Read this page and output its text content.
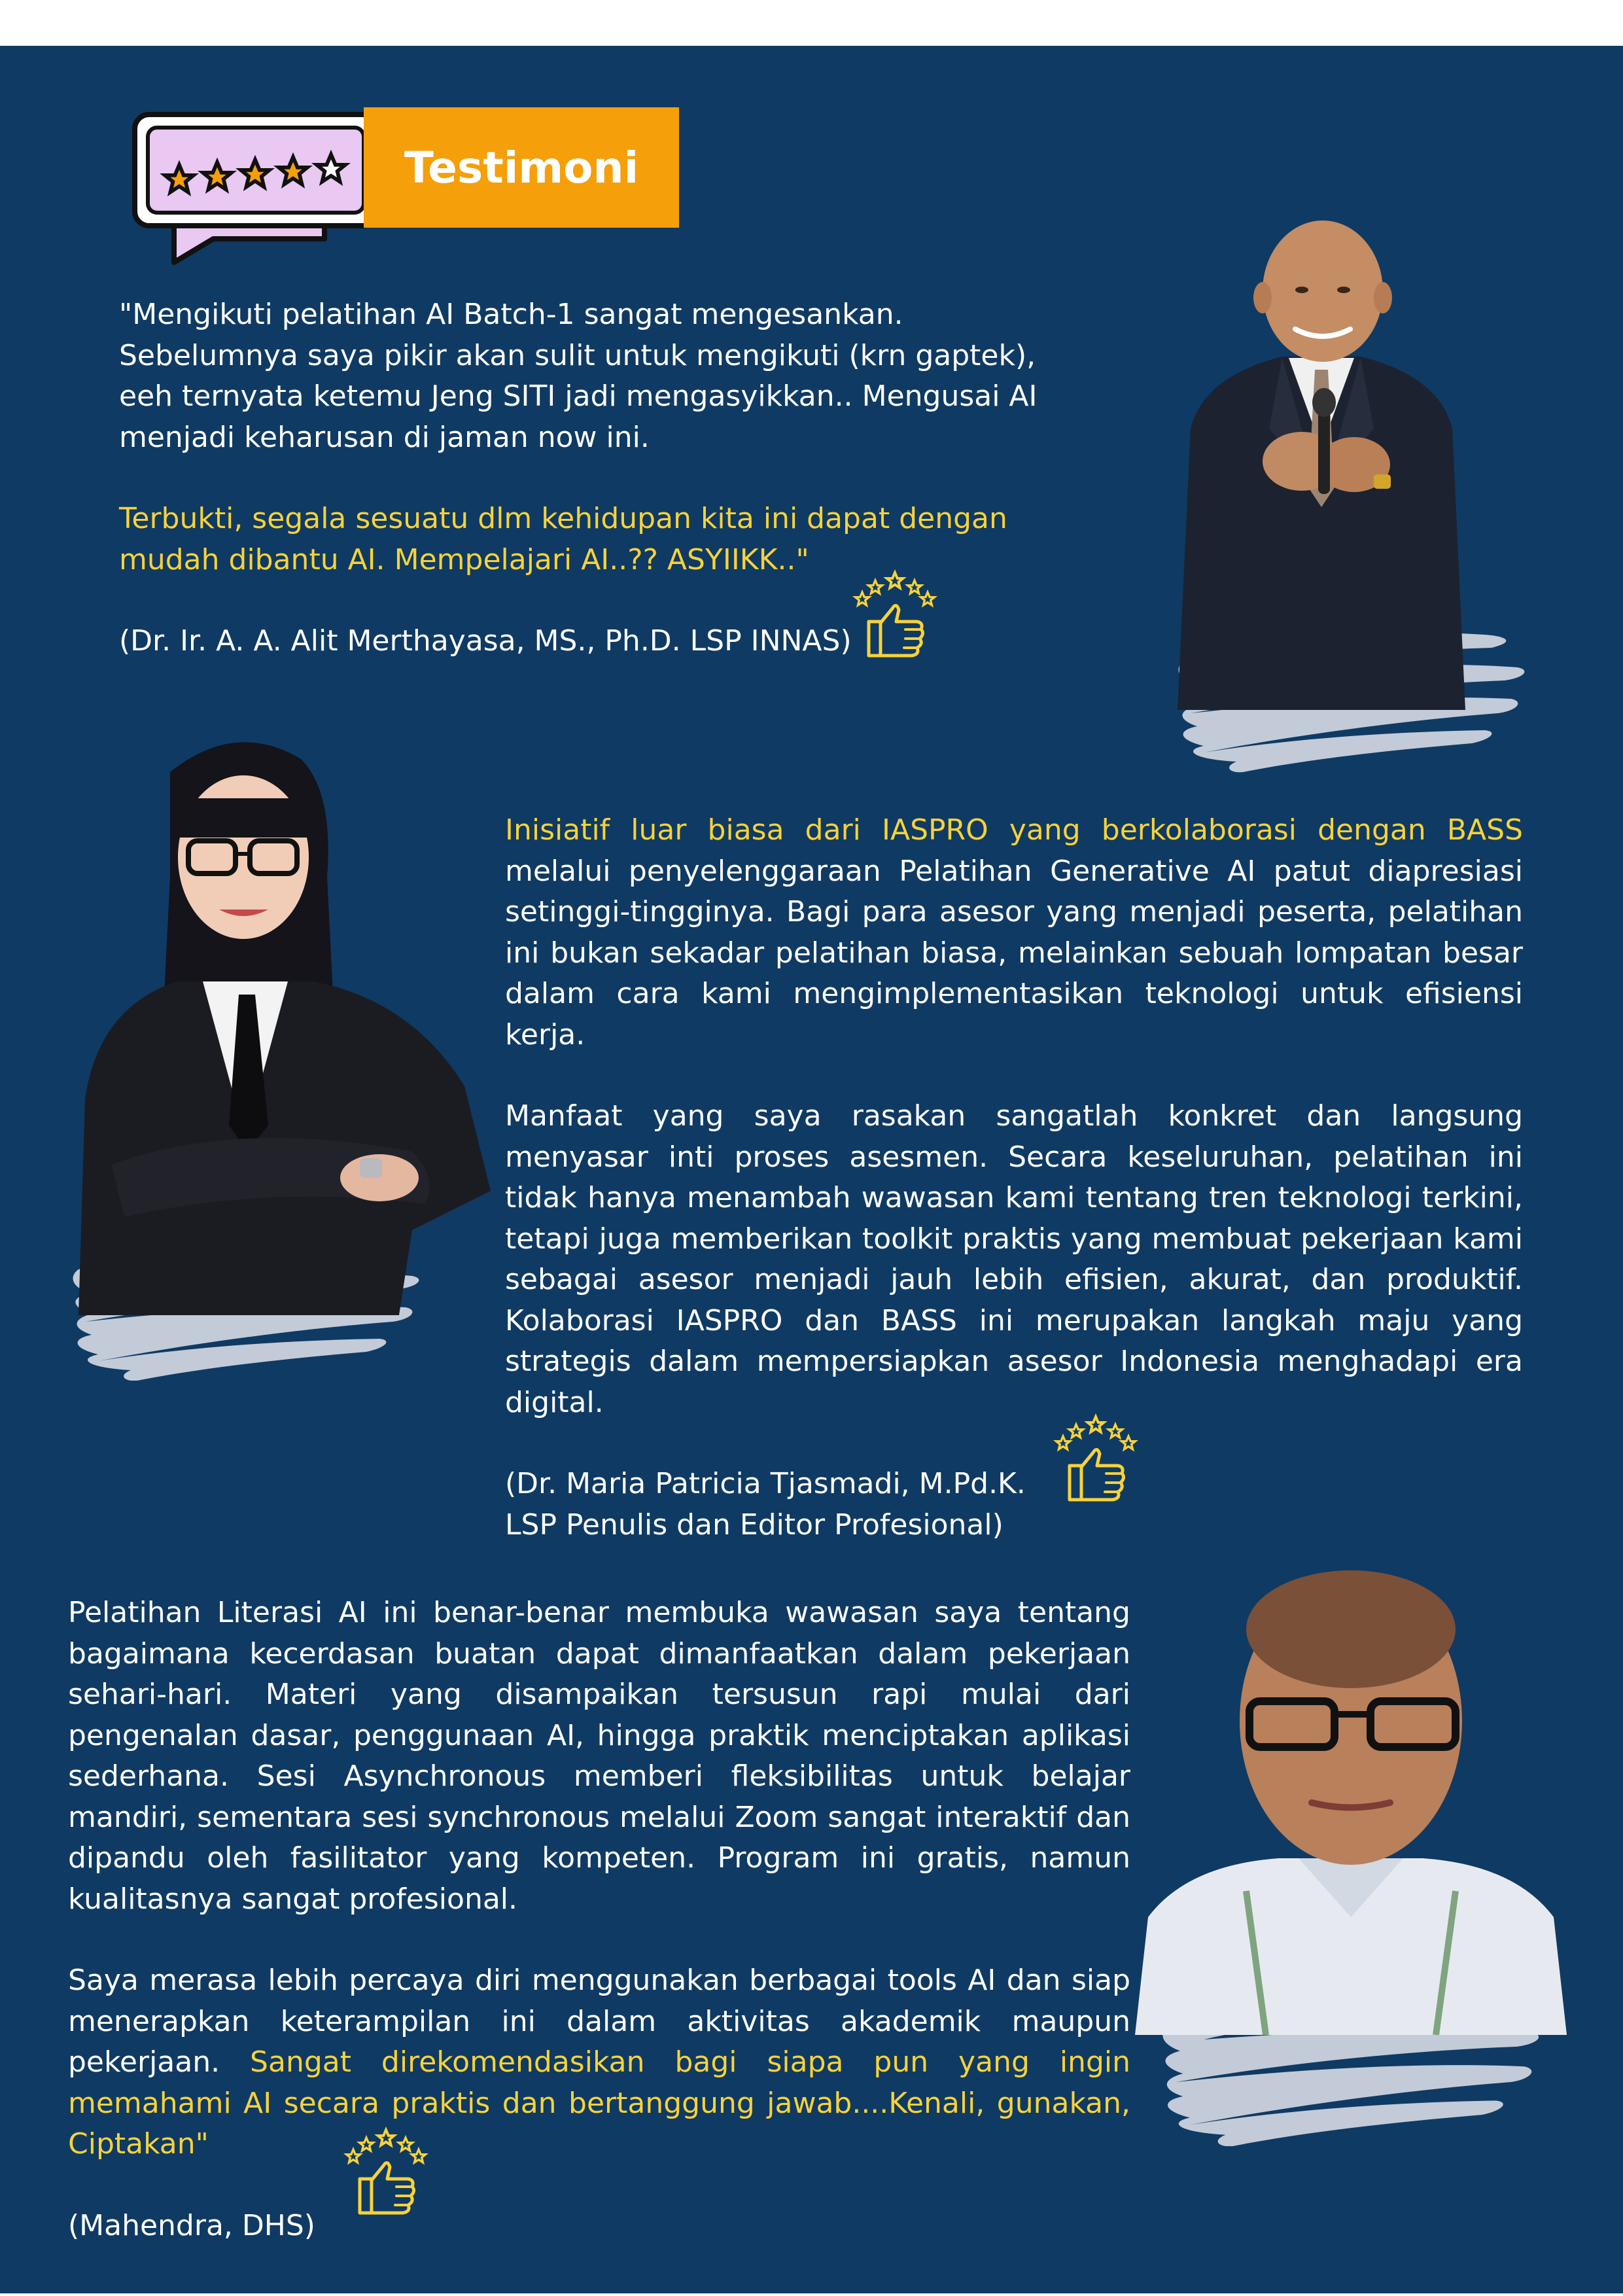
Testimoni

"Mengikuti pelatihan AI Batch-1 sangat mengesankan. Sebelumnya saya pikir akan sulit untuk mengikuti (krn gaptek), eeh ternyata ketemu Jeng SITI jadi mengasyikkan.. Mengusai AI menjadi keharusan di jaman now ini.

Terbukti, segala sesuatu dlm kehidupan kita ini dapat dengan mudah dibantu AI. Mempelajari AI..?? ASYIIKK.."

(Dr. Ir. A. A. Alit Merthayasa, MS., Ph.D. LSP INNAS)

Inisiatif luar biasa dari IASPRO yang berkolaborasi dengan BASS melalui penyelenggaraan Pelatihan Generative AI patut diapresiasi setinggi-tingginya. Bagi para asesor yang menjadi peserta, pelatihan ini bukan sekadar pelatihan biasa, melainkan sebuah lompatan besar dalam cara kami mengimplementasikan teknologi untuk efisiensi kerja.

Manfaat yang saya rasakan sangatlah konkret dan langsung menyasar inti proses asesmen. Secara keseluruhan, pelatihan ini tidak hanya menambah wawasan kami tentang tren teknologi terkini, tetapi juga memberikan toolkit praktis yang membuat pekerjaan kami sebagai asesor menjadi jauh lebih efisien, akurat, dan produktif. Kolaborasi IASPRO dan BASS ini merupakan langkah maju yang strategis dalam mempersiapkan asesor Indonesia menghadapi era digital.

(Dr. Maria Patricia Tjasmadi, M.Pd.K.
LSP Penulis dan Editor Profesional)

Pelatihan Literasi AI ini benar-benar membuka wawasan saya tentang bagaimana kecerdasan buatan dapat dimanfaatkan dalam pekerjaan sehari-hari. Materi yang disampaikan tersusun rapi mulai dari pengenalan dasar, penggunaan AI, hingga praktik menciptakan aplikasi sederhana. Sesi Asynchronous memberi fleksibilitas untuk belajar mandiri, sementara sesi synchronous melalui Zoom sangat interaktif dan dipandu oleh fasilitator yang kompeten. Program ini gratis, namun kualitasnya sangat profesional.

Saya merasa lebih percaya diri menggunakan berbagai tools AI dan siap menerapkan keterampilan ini dalam aktivitas akademik maupun pekerjaan. Sangat direkomendasikan bagi siapa pun yang ingin memahami AI secara praktis dan bertanggung jawab....Kenali, gunakan, Ciptakan"

(Mahendra, DHS)
